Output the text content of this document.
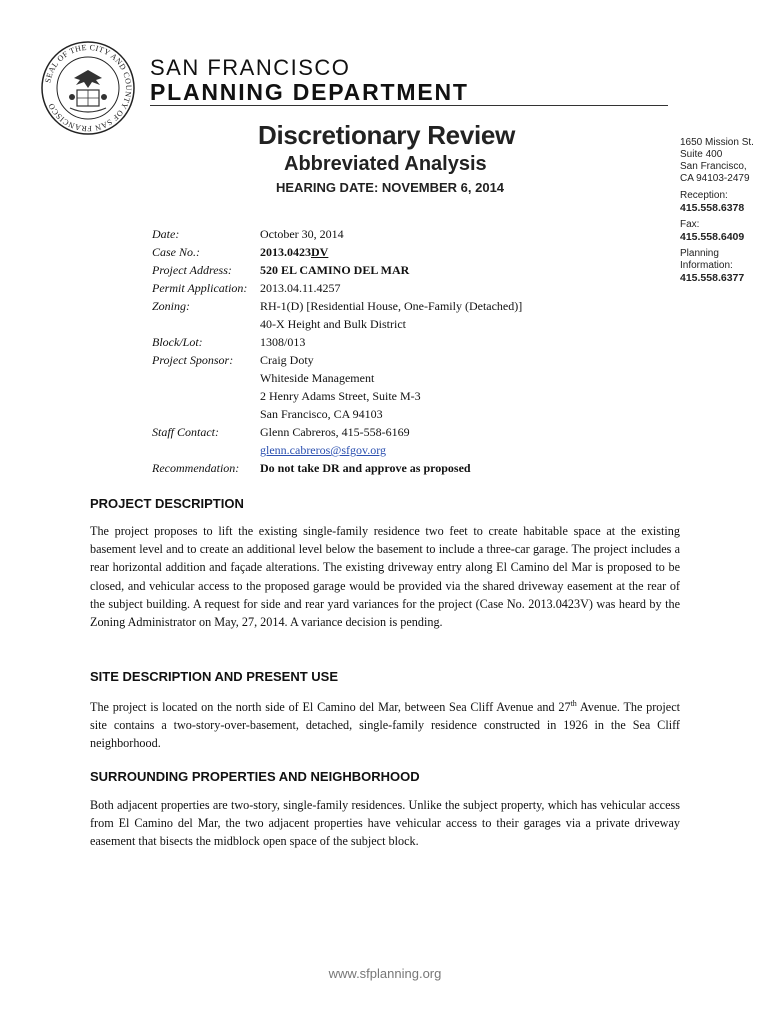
SEAL OF THE CITY AND COUNTY OF SAN FRANCISCO
SAN FRANCISCO
PLANNING DEPARTMENT
Discretionary Review
Abbreviated Analysis
HEARING DATE: NOVEMBER 6, 2014
1650 Mission St.
Suite 400
San Francisco,
CA 94103-2479
Reception:
415.558.6378
Fax:
415.558.6409
Planning
Information:
415.558.6377
Date:	October 30, 2014
Case No.:	2013.0423DV
Project Address:	520 EL CAMINO DEL MAR
Permit Application:	2013.04.11.4257
Zoning:	RH-1(D) [Residential House, One-Family (Detached)]
40-X Height and Bulk District
Block/Lot:	1308/013
Project Sponsor:	Craig Doty
Whiteside Management
2 Henry Adams Street, Suite M-3
San Francisco, CA 94103
Staff Contact:	Glenn Cabreros, 415-558-6169
glenn.cabreros@sfgov.org
Recommendation:	Do not take DR and approve as proposed
PROJECT DESCRIPTION
The project proposes to lift the existing single-family residence two feet to create habitable space at the existing basement level and to create an additional level below the basement to include a three-car garage. The project includes a rear horizontal addition and façade alterations. The existing driveway entry along El Camino del Mar is proposed to be closed, and vehicular access to the proposed garage would be provided via the shared driveway easement at the rear of the subject building. A request for side and rear yard variances for the project (Case No. 2013.0423V) was heard by the Zoning Administrator on May, 27, 2014. A variance decision is pending.
SITE DESCRIPTION AND PRESENT USE
The project is located on the north side of El Camino del Mar, between Sea Cliff Avenue and 27th Avenue. The project site contains a two-story-over-basement, detached, single-family residence constructed in 1926 in the Sea Cliff neighborhood.
SURROUNDING PROPERTIES AND NEIGHBORHOOD
Both adjacent properties are two-story, single-family residences. Unlike the subject property, which has vehicular access from El Camino del Mar, the two adjacent properties have vehicular access to their garages via a private driveway easement that bisects the midblock open space of the subject block.
www.sfplanning.org
